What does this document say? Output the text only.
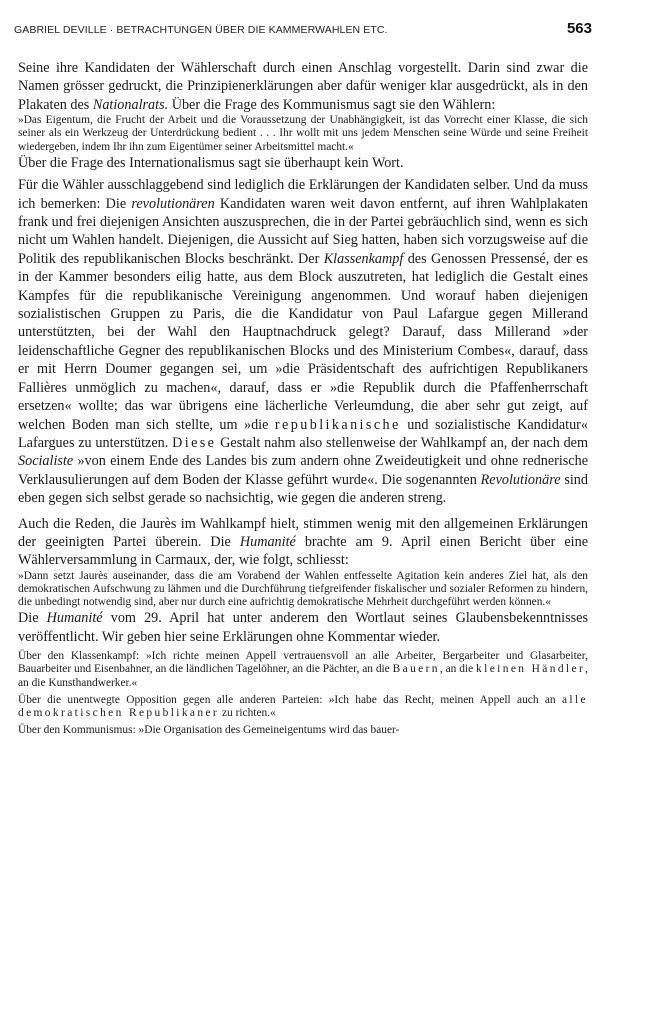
GABRIEL DEVILLE · BETRACHTUNGEN ÜBER DIE KAMMERWAHLEN ETC.	563

Seine ihre Kandidaten der Wählerschaft durch einen Anschlag vorgestellt. Darin sind zwar die Namen grösser gedruckt, die Prinzipienerklärungen aber dafür weniger klar ausgedrückt, als in den Plakaten des Nationalrats. Über die Frage des Kommunismus sagt sie den Wählern:

»Das Eigentum, die Frucht der Arbeit und die Voraussetzung der Unabhängigkeit, ist das Vorrecht einer Klasse, die sich seiner als ein Werkzeug der Unterdrückung bedient . . . Ihr wollt mit uns jedem Menschen seine Würde und seine Freiheit wiedergeben, indem Ihr ihn zum Eigentümer seiner Arbeitsmittel macht.«

Über die Frage des Internationalismus sagt sie überhaupt kein Wort.

Für die Wähler ausschlaggebend sind lediglich die Erklärungen der Kandidaten selber. Und da muss ich bemerken: Die revolutionären Kandidaten waren weit davon entfernt, auf ihren Wahlplakaten frank und frei diejenigen Ansichten auszusprechen, die in der Partei gebräuchlich sind, wenn es sich nicht um Wahlen handelt. Diejenigen, die Aussicht auf Sieg hatten, haben sich vorzugsweise auf die Politik des republikanischen Blocks beschränkt. Der Klassenkampf des Genossen Pressensé, der es in der Kammer besonders eilig hatte, aus dem Block auszutreten, hat lediglich die Gestalt eines Kampfes für die republikanische Vereinigung angenommen. Und worauf haben diejenigen sozialistischen Gruppen zu Paris, die die Kandidatur von Paul Lafargue gegen Millerand unterstützten, bei der Wahl den Hauptnachdruck gelegt? Darauf, dass Millerand »der leidenschaftliche Gegner des republikanischen Blocks und des Ministerium Combes«, darauf, dass er mit Herrn Doumer gegangen sei, um »die Präsidentschaft des aufrichtigen Republikaners Fallières unmöglich zu machen«, darauf, dass er »die Republik durch die Pfaffenherrschaft ersetzen« wollte; das war übrigens eine lächerliche Verleumdung, die aber sehr gut zeigt, auf welchen Boden man sich stellte, um »die republikanische und sozialistische Kandidatur« Lafargues zu unterstützen. Diese Gestalt nahm also stellenweise der Wahlkampf an, der nach dem Socialiste »von einem Ende des Landes bis zum andern ohne Zweideutigkeit und ohne rednerische Verklausulierungen auf dem Boden der Klasse geführt wurde«. Die sogenannten Revolutionäre sind eben gegen sich selbst gerade so nachsichtig, wie gegen die anderen streng.

Auch die Reden, die Jaurès im Wahlkampf hielt, stimmen wenig mit den allgemeinen Erklärungen der geeinigten Partei überein. Die Humanité brachte am 9. April einen Bericht über eine Wählerversammlung in Carmaux, der, wie folgt, schliesst:

»Dann setzt Jaurès auseinander, dass die am Vorabend der Wahlen entfesselte Agitation kein anderes Ziel hat, als den demokratischen Aufschwung zu lähmen und die Durchführung tiefgreifender fiskalischer und sozialer Reformen zu hindern, die unbedingt notwendig sind, aber nur durch eine aufrichtig demokratische Mehrheit durchgeführt werden können.«

Die Humanité vom 29. April hat unter anderem den Wortlaut seines Glaubensbekenntnisses veröffentlicht. Wir geben hier seine Erklärungen ohne Kommentar wieder.

Über den Klassenkampf: »Ich richte meinen Appell vertrauensvoll an alle Arbeiter, Bergarbeiter und Glasarbeiter, Bauarbeiter und Eisenbahner, an die ländlichen Tagelöhner, an die Pächter, an die Bauern, an die kleinen Händler, an die Kunsthandwerker.«

Über die unentwegte Opposition gegen alle anderen Parteien: »Ich habe das Recht, meinen Appell auch an alle demokratischen Republikaner zu richten.«

Über den Kommunismus: »Die Organisation des Gemeineigentums wird das bauer-
